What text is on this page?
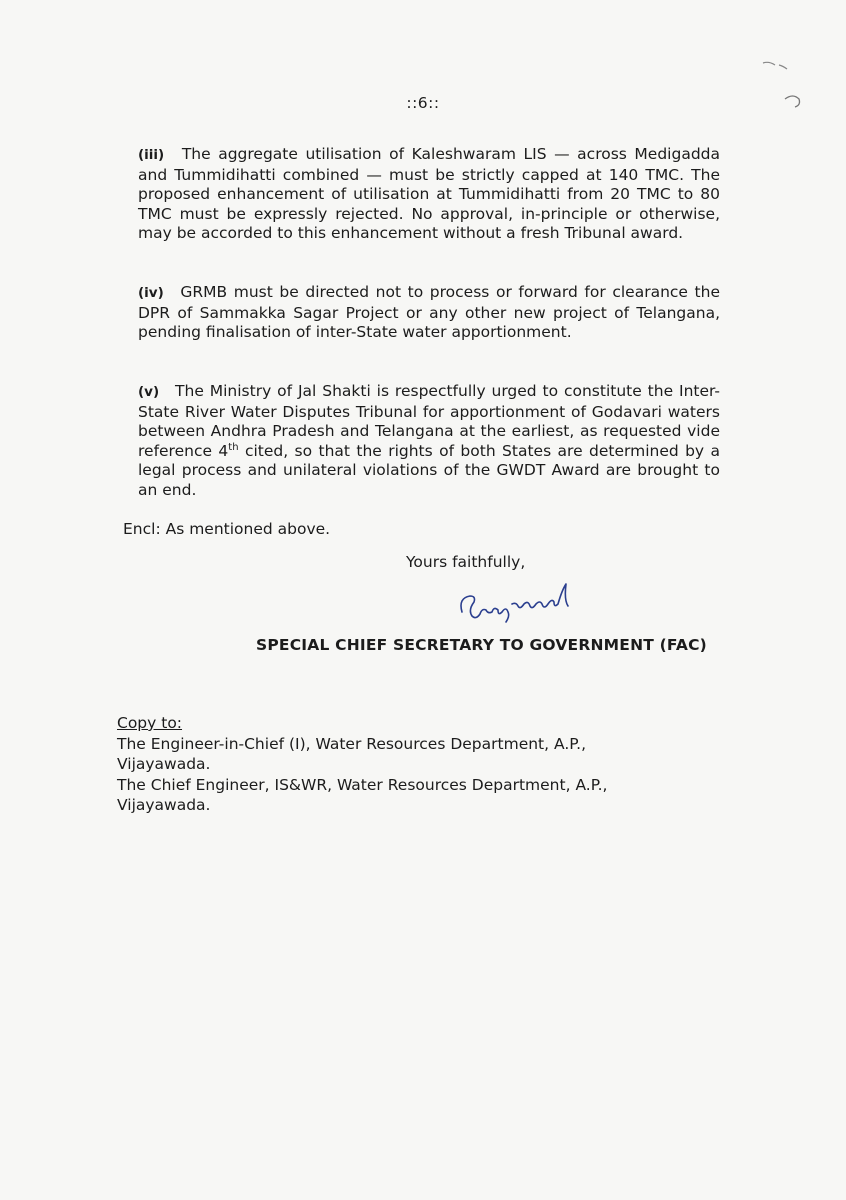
::6::
(iii) The aggregate utilisation of Kaleshwaram LIS — across Medigadda and Tummidihatti combined — must be strictly capped at 140 TMC. The proposed enhancement of utilisation at Tummidihatti from 20 TMC to 80 TMC must be expressly rejected. No approval, in-principle or otherwise, may be accorded to this enhancement without a fresh Tribunal award.
(iv) GRMB must be directed not to process or forward for clearance the DPR of Sammakka Sagar Project or any other new project of Telangana, pending finalisation of inter-State water apportionment.
(v) The Ministry of Jal Shakti is respectfully urged to constitute the Inter-State River Water Disputes Tribunal for apportionment of Godavari waters between Andhra Pradesh and Telangana at the earliest, as requested vide reference 4th cited, so that the rights of both States are determined by a legal process and unilateral violations of the GWDT Award are brought to an end.
Encl: As mentioned above.
Yours faithfully,
SPECIAL CHIEF SECRETARY TO GOVERNMENT (FAC)
Copy to:
The Engineer-in-Chief (I), Water Resources Department, A.P.,
Vijayawada.
The Chief Engineer, IS&WR, Water Resources Department, A.P.,
Vijayawada.
